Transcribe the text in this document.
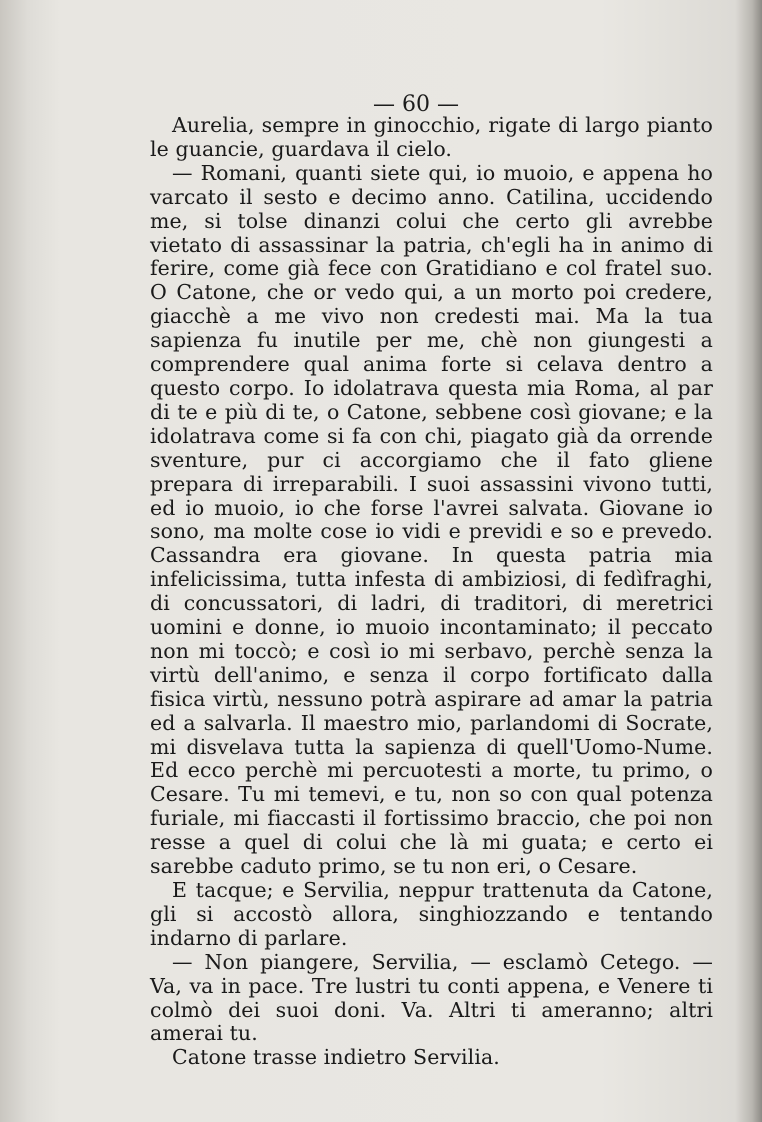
— 60 —

Aurelia, sempre in ginocchio, rigate di largo pianto le guancie, guardava il cielo.

— Romani, quanti siete qui, io muoio, e appena ho varcato il sesto e decimo anno. Catilina, uccidendo me, si tolse dinanzi colui che certo gli avrebbe vietato di assassinar la patria, ch'egli ha in animo di ferire, come già fece con Gratidiano e col fratel suo. O Catone, che or vedo qui, a un morto poi credere, giacchè a me vivo non credesti mai. Ma la tua sapienza fu inutile per me, chè non giungesti a comprendere qual anima forte si celava dentro a questo corpo. Io idolatrava questa mia Roma, al par di te e più di te, o Catone, sebbene così giovane; e la idolatrava come si fa con chi, piagato già da orrende sventure, pur ci accorgiamo che il fato gliene prepara di irreparabili. I suoi assassini vivono tutti, ed io muoio, io che forse l'avrei salvata. Giovane io sono, ma molte cose io vidi e previdi e so e prevedo. Cassandra era giovane. In questa patria mia infelicissima, tutta infesta di ambiziosi, di fedìfraghi, di concussatori, di ladri, di traditori, di meretrici uomini e donne, io muoio incontaminato; il peccato non mi toccò; e così io mi serbavo, perchè senza la virtù dell'animo, e senza il corpo fortificato dalla fisica virtù, nessuno potrà aspirare ad amar la patria ed a salvarla. Il maestro mio, parlandomi di Socrate, mi disvelava tutta la sapienza di quell'Uomo-Nume. Ed ecco perchè mi percuotesti a morte, tu primo, o Cesare. Tu mi temevi, e tu, non so con qual potenza furiale, mi fiaccasti il fortissimo braccio, che poi non resse a quel di colui che là mi guata; e certo ei sarebbe caduto primo, se tu non eri, o Cesare.

E tacque; e Servilia, neppur trattenuta da Catone, gli si accostò allora, singhiozzando e tentando indarno di parlare.

— Non piangere, Servilia, — esclamò Cetego. — Va, va in pace. Tre lustri tu conti appena, e Venere ti colmò dei suoi doni. Va. Altri ti ameranno; altri amerai tu.

Catone trasse indietro Servilia.
